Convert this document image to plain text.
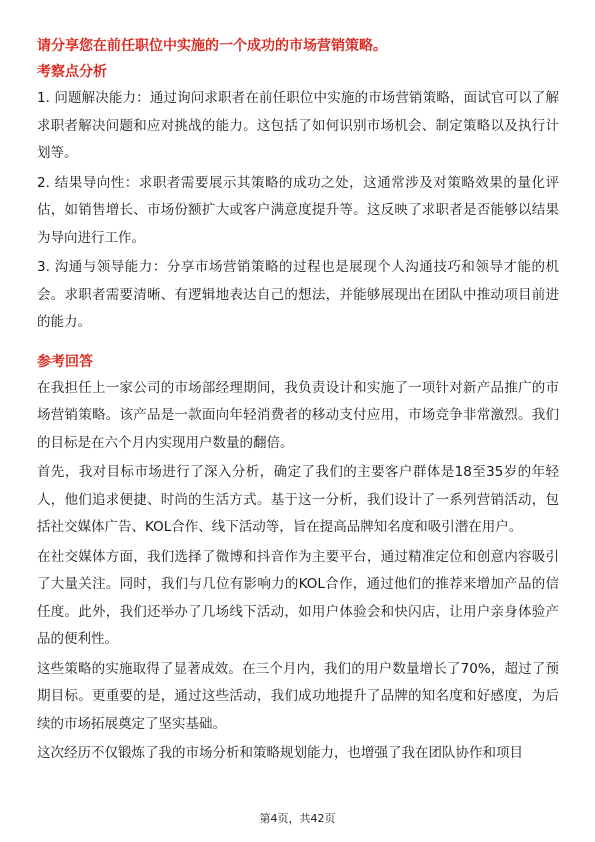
请分享您在前任职位中实施的一个成功的市场营销策略。
考察点分析
1. 问题解决能力：通过询问求职者在前任职位中实施的市场营销策略，面试官可以了解求职者解决问题和应对挑战的能力。这包括了如何识别市场机会、制定策略以及执行计划等。
2. 结果导向性：求职者需要展示其策略的成功之处，这通常涉及对策略效果的量化评估，如销售增长、市场份额扩大或客户满意度提升等。这反映了求职者是否能够以结果为导向进行工作。
3. 沟通与领导能力：分享市场营销策略的过程也是展现个人沟通技巧和领导才能的机会。求职者需要清晰、有逻辑地表达自己的想法，并能够展现出在团队中推动项目前进的能力。
参考回答
在我担任上一家公司的市场部经理期间，我负责设计和实施了一项针对新产品推广的市场营销策略。该产品是一款面向年轻消费者的移动支付应用，市场竞争非常激烈。我们的目标是在六个月内实现用户数量的翻倍。
首先，我对目标市场进行了深入分析，确定了我们的主要客户群体是18至35岁的年轻人，他们追求便捷、时尚的生活方式。基于这一分析，我们设计了一系列营销活动，包括社交媒体广告、KOL合作、线下活动等，旨在提高品牌知名度和吸引潜在用户。
在社交媒体方面，我们选择了微博和抖音作为主要平台，通过精准定位和创意内容吸引了大量关注。同时，我们与几位有影响力的KOL合作，通过他们的推荐来增加产品的信任度。此外，我们还举办了几场线下活动，如用户体验会和快闪店，让用户亲身体验产品的便利性。
这些策略的实施取得了显著成效。在三个月内，我们的用户数量增长了70%，超过了预期目标。更重要的是，通过这些活动，我们成功地提升了品牌的知名度和好感度，为后续的市场拓展奠定了坚实基础。
这次经历不仅锻炼了我的市场分析和策略规划能力，也增强了我在团队协作和项目
第4页，共42页
